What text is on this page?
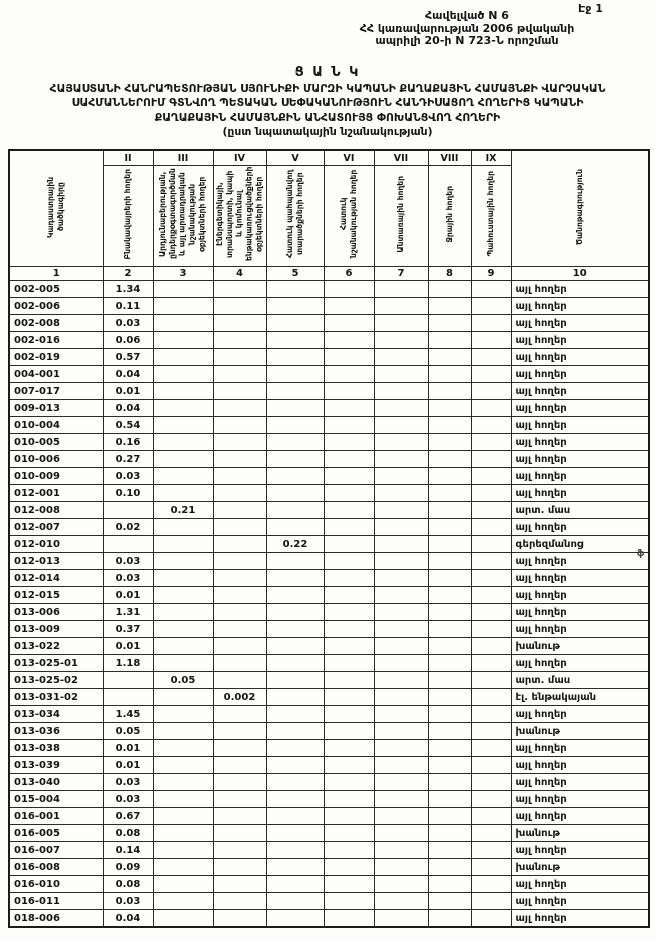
Էջ 1
Հավելված N 6
ՀՀ կառավարության 2006 թվականի
ապրիլի 20-ի N 723-Ն որոշման
Ց Ա Ն Կ
ՀԱՅԱՍՏԱՆԻ ՀԱՆՐԱՊԵՏՈՒԹՅԱՆ ՍՅՈՒՆԻՔԻ ՄԱՐԶԻ ԿԱՊԱՆԻ ՔԱՂԱՔԱՅԻՆ ՀԱՄԱՅՆՔԻ ՎԱՐՉԱԿԱՆ
ՍԱՀՄԱՆՆԵՐՈՒՄ ԳՏՆՎՈՂ ՊԵՏԱԿԱՆ ՍԵՓԱԿԱՆՈՒԹՅՈՒՆ ՀԱՆԴԻՍԱՑՈՂ ՀՈՂԵՐԻՑ ԿԱՊԱՆԻ
ՔԱՂԱՔԱՅԻՆ ՀԱՄԱՅՆՔԻՆ ԱՆՀԱՏՈՒՅՑ ՓՈԽԱՆՑՎՈՂ ՀՈՂԵՐԻ
(ըստ նպատակային նշանակության)
Կադաստրային ծածկագիրը	II	III	IV	V	VI	VII	VIII	IX	Ծանոթագրություն
	Բնակավայրերի հողեր	Արդյունաբերության, ընդերքօգտագործման և այլ արտադրական նշանակության օբյեկտների հողեր	Էներգետիկայի, տրանսպորտի, կապի և կոմունալ ենթակառուցվածքների օբյեկտների հողեր	Հատուկ պահպանվող տարածքների հողեր	Հատուկ նշանակության հողեր	Անտառային հողեր	Ջրային հողեր	Պահուստային հողեր	
1	2	3	4	5	6	7	8	9	10
002-005	1.34								այլ հողեր
002-006	0.11								այլ հողեր
002-008	0.03								այլ հողեր
002-016	0.06								այլ հողեր
002-019	0.57								այլ հողեր
004-001	0.04								այլ հողեր
007-017	0.01								այլ հողեր
009-013	0.04								այլ հողեր
010-004	0.54								այլ հողեր
010-005	0.16								այլ հողեր
010-006	0.27								այլ հողեր
010-009	0.03								այլ հողեր
012-001	0.10								այլ հողեր
012-008		0.21							արտ. մաս
012-007	0.02								այլ հողեր
012-010				0.22					գերեզմանոց
012-013	0.03								այլ հողեր
012-014	0.03								այլ հողեր
012-015	0.01								այլ հողեր
013-006	1.31								այլ հողեր
013-009	0.37								այլ հողեր
013-022	0.01								խանութ
013-025-01	1.18								այլ հողեր
013-025-02		0.05							արտ. մաս
013-031-02			0.002						էլ. ենթակայան
013-034	1.45								այլ հողեր
013-036	0.05								խանութ
013-038	0.01								այլ հողեր
013-039	0.01								այլ հողեր
013-040	0.03								այլ հողեր
015-004	0.03								այլ հողեր
016-001	0.67								այլ հողեր
016-005	0.08								խանութ
016-007	0.14								այլ հողեր
016-008	0.09								խանութ
016-010	0.08								այլ հողեր
016-011	0.03								այլ հողեր
018-006	0.04								այլ հողեր
ֆ
